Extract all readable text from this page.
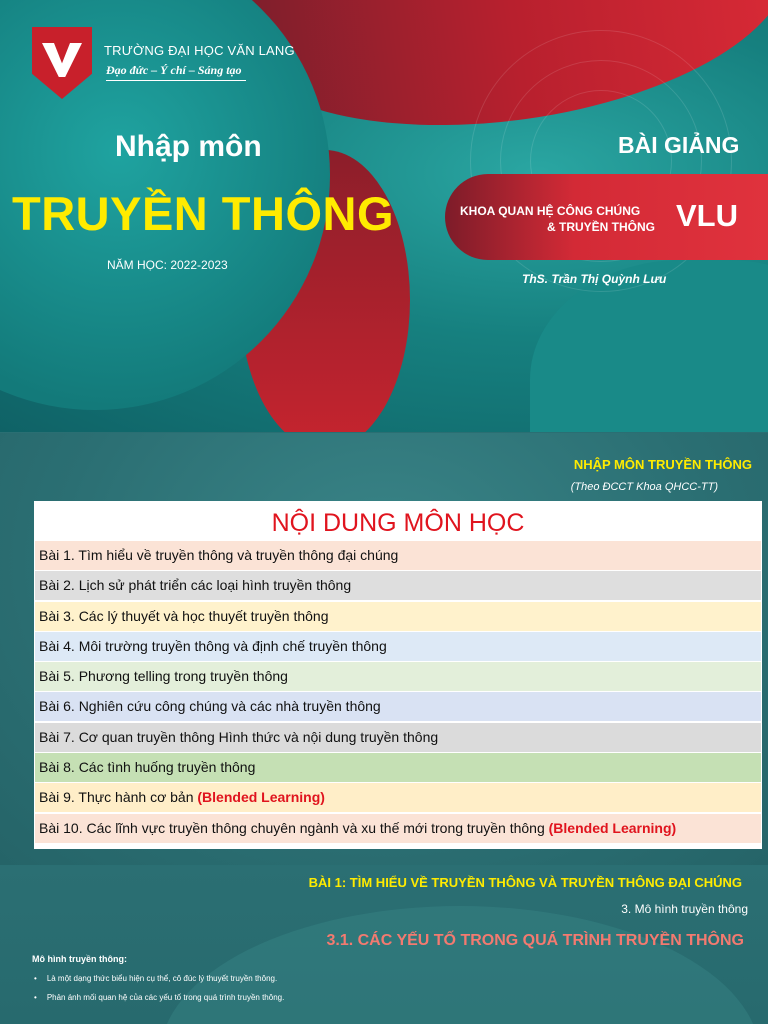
TRƯỜNG ĐẠI HỌC VĂN LANG
Đạo đức – Ý chí – Sáng tạo
Nhập môn
TRUYỀN THÔNG
NĂM HỌC: 2022-2023
BÀI GIẢNG
KHOA QUAN HỆ CÔNG CHÚNG
& TRUYỀN THÔNG VLU
ThS. Trần Thị Quỳnh Lưu
NHẬP MÔN TRUYỀN THÔNG
(Theo ĐCCT Khoa QHCC-TT)
NỘI DUNG MÔN HỌC
Bài 1. Tìm hiểu về truyền thông và truyền thông đại chúng
Bài 2. Lịch sử phát triển các loại hình truyền thông
Bài 3. Các lý thuyết và học thuyết truyền thông
Bài 4. Môi trường truyền thông và định chế truyền thông
Bài 5. Phương telling trong truyền thông
Bài 6. Nghiên cứu công chúng và các nhà truyền thông
Bài 7. Cơ quan truyền thông Hình thức và nội dung truyền thông
Bài 8. Các tình huống truyền thông
Bài 9. Thực hành cơ bản (Blended Learning)
Bài 10. Các lĩnh vực truyền thông chuyên ngành và xu thế mới trong truyền thông (Blended Learning)
BÀI 1: TÌM HIỂU VỀ TRUYỀN THÔNG VÀ TRUYỀN THÔNG ĐẠI CHÚNG
3. Mô hình truyền thông
3.1. CÁC YẾU TỐ TRONG QUÁ TRÌNH TRUYỀN THÔNG
Mô hình truyền thông:
• Là một dạng thức biểu hiện cụ thể, cô đúc lý thuyết truyền thông.
• Phản ánh mối quan hệ của các yếu tố trong quá trình truyền thông.
